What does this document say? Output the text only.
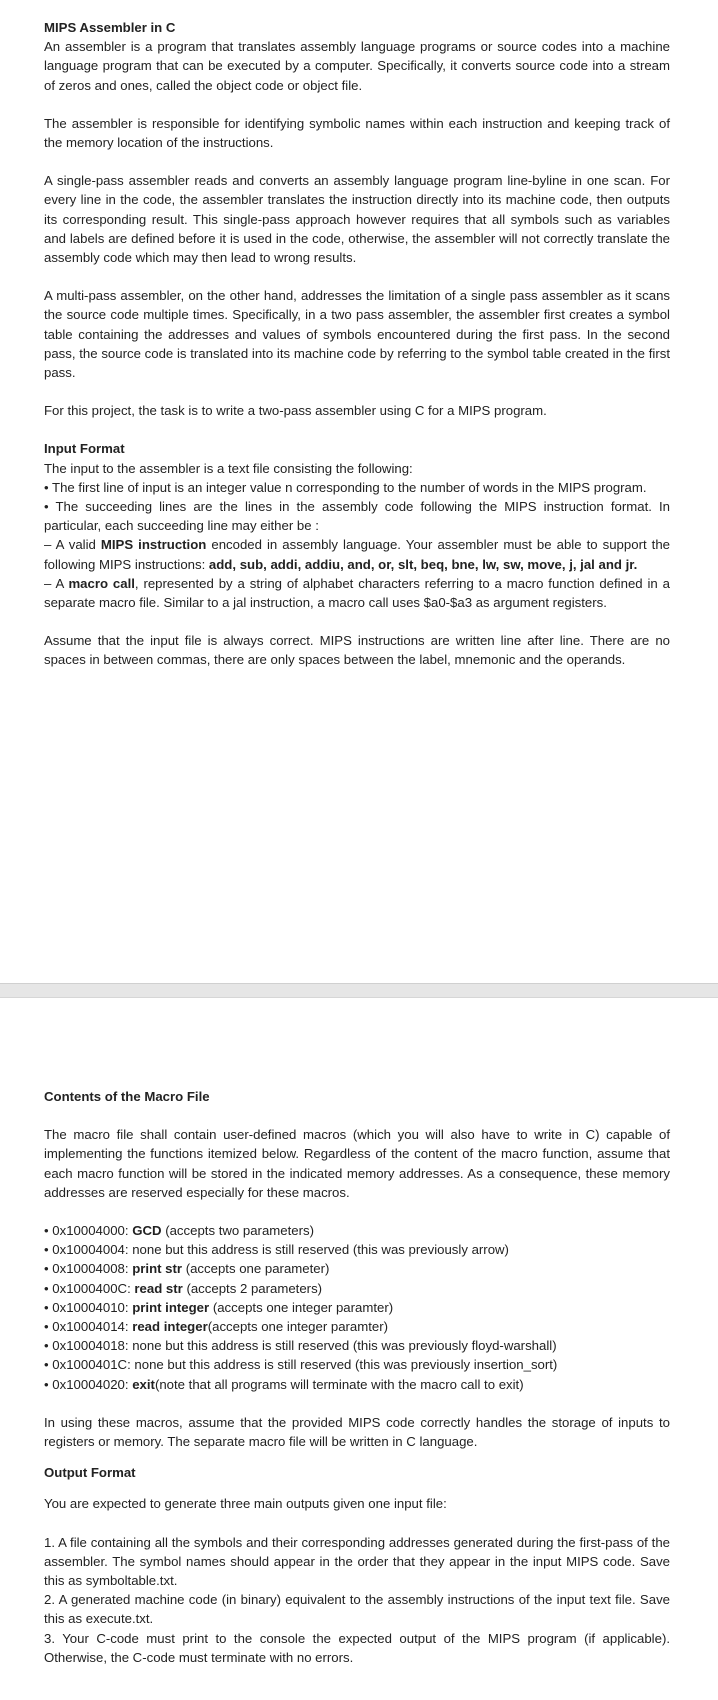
MIPS Assembler in C

An assembler is a program that translates assembly language programs or source codes into a machine language program that can be executed by a computer. Specifically, it converts source code into a stream of zeros and ones, called the object code or object file.

The assembler is responsible for identifying symbolic names within each instruction and keeping track of the memory location of the instructions.

A single-pass assembler reads and converts an assembly language program line-byline in one scan. For every line in the code, the assembler translates the instruction directly into its machine code, then outputs its corresponding result. This single-pass approach however requires that all symbols such as variables and labels are defined before it is used in the code, otherwise, the assembler will not correctly translate the assembly code which may then lead to wrong results.

A multi-pass assembler, on the other hand, addresses the limitation of a single pass assembler as it scans the source code multiple times. Specifically, in a two pass assembler, the assembler first creates a symbol table containing the addresses and values of symbols encountered during the first pass. In the second pass, the source code is translated into its machine code by referring to the symbol table created in the first pass.

For this project, the task is to write a two-pass assembler using C for a MIPS program.

Input Format

The input to the assembler is a text file consisting the following:

• The first line of input is an integer value n corresponding to the number of words in the MIPS program.

• The succeeding lines are the lines in the assembly code following the MIPS instruction format. In particular, each succeeding line may either be :

– A valid MIPS instruction encoded in assembly language. Your assembler must be able to support the following MIPS instructions: add, sub, addi, addiu, and, or, slt, beq, bne, lw, sw, move, j, jal and jr.

– A macro call, represented by a string of alphabet characters referring to a macro function defined in a separate macro file. Similar to a jal instruction, a macro call uses $a0-$a3 as argument registers.

Assume that the input file is always correct. MIPS instructions are written line after line. There are no spaces in between commas, there are only spaces between the label, mnemonic and the operands.

Contents of the Macro File

The macro file shall contain user-defined macros (which you will also have to write in C) capable of implementing the functions itemized below. Regardless of the content of the macro function, assume that each macro function will be stored in the indicated memory addresses. As a consequence, these memory addresses are reserved especially for these macros.

• 0x10004000: GCD (accepts two parameters)
• 0x10004004: none but this address is still reserved (this was previously arrow)
• 0x10004008: print str (accepts one parameter)
• 0x1000400C: read str (accepts 2 parameters)
• 0x10004010: print integer (accepts one integer paramter)
• 0x10004014: read integer(accepts one integer paramter)
• 0x10004018: none but this address is still reserved (this was previously floyd-warshall)
• 0x1000401C: none but this address is still reserved (this was previously insertion_sort)
• 0x10004020: exit(note that all programs will terminate with the macro call to exit)

In using these macros, assume that the provided MIPS code correctly handles the storage of inputs to registers or memory. The separate macro file will be written in C language.

Output Format

You are expected to generate three main outputs given one input file:

1. A file containing all the symbols and their corresponding addresses generated during the first-pass of the assembler. The symbol names should appear in the order that they appear in the input MIPS code. Save this as symboltable.txt.

2. A generated machine code (in binary) equivalent to the assembly instructions of the input text file. Save this as execute.txt.

3. Your C-code must print to the console the expected output of the MIPS program (if applicable). Otherwise, the C-code must terminate with no errors.
